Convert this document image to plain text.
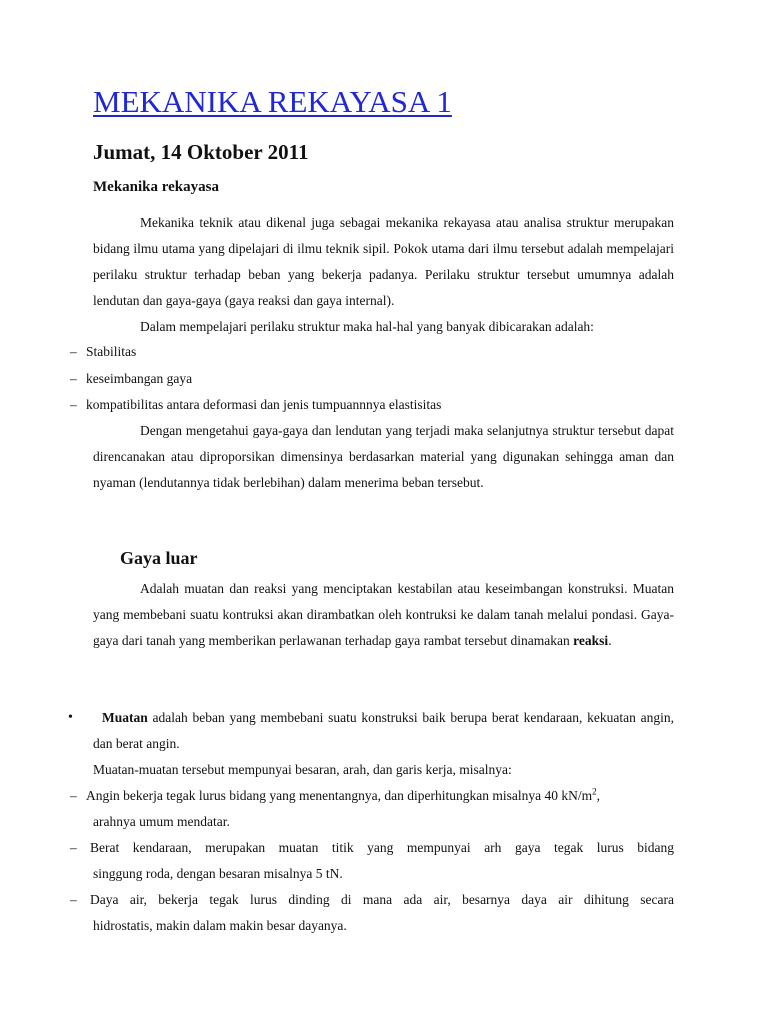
MEKANIKA REKAYASA 1
Jumat, 14 Oktober 2011
Mekanika rekayasa

Mekanika teknik atau dikenal juga sebagai mekanika rekayasa atau analisa struktur merupakan bidang ilmu utama yang dipelajari di ilmu teknik sipil. Pokok utama dari ilmu tersebut adalah mempelajari perilaku struktur terhadap beban yang bekerja padanya. Perilaku struktur tersebut umumnya adalah lendutan dan gaya-gaya (gaya reaksi dan gaya internal).

Dalam mempelajari perilaku struktur maka hal-hal yang banyak dibicarakan adalah:

– Stabilitas
– keseimbangan gaya
– kompatibilitas antara deformasi dan jenis tumpuannnya elastisitas

Dengan mengetahui gaya-gaya dan lendutan yang terjadi maka selanjutnya struktur tersebut dapat direncanakan atau diproporsikan dimensinya berdasarkan material yang digunakan sehingga aman dan nyaman (lendutannya tidak berlebihan) dalam menerima beban tersebut.

Gaya luar

Adalah muatan dan reaksi yang menciptakan kestabilan atau keseimbangan konstruksi. Muatan yang membebani suatu kontruksi akan dirambatkan oleh kontruksi ke dalam tanah melalui pondasi. Gaya-gaya dari tanah yang memberikan perlawanan terhadap gaya rambat tersebut dinamakan reaksi.

•	Muatan adalah beban yang membebani suatu konstruksi baik berupa berat kendaraan, kekuatan angin, dan berat angin.

Muatan-muatan tersebut mempunyai besaran, arah, dan garis kerja, misalnya:
– Angin bekerja tegak lurus bidang yang menentangnya, dan diperhitungkan misalnya 40 $kN/m^2$,
arahnya umum mendatar.
– Berat kendaraan, merupakan muatan titik yang mempunyai arh gaya tegak lurus bidang
singgung roda, dengan besaran misalnya 5 tN.
– Daya air, bekerja tegak lurus dinding di mana ada air, besarnya daya air dihitung secara
hidrostatis, makin dalam makin besar dayanya.
